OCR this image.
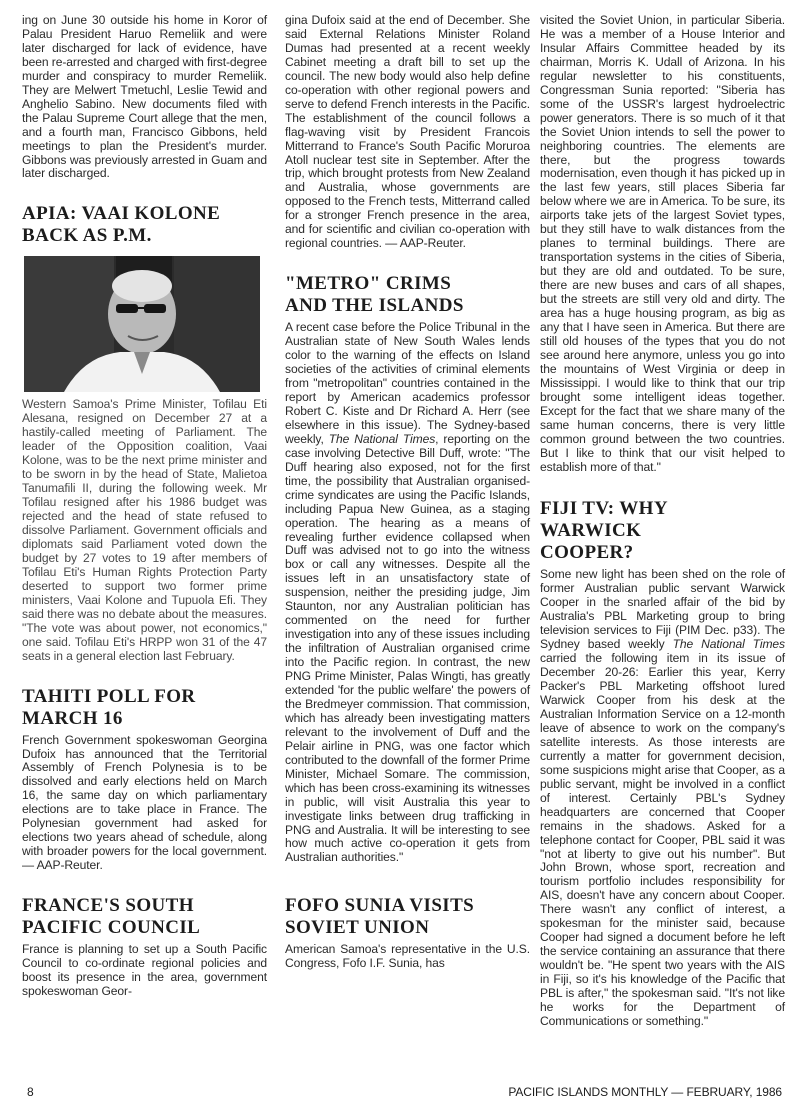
ing on June 30 outside his home in Koror of Palau President Haruo Remeliik and were later discharged for lack of evidence, have been re-arrested and charged with first-degree murder and conspiracy to murder Remeliik. They are Melwert Tmetuchl, Leslie Tewid and Anghelio Sabino. New documents filed with the Palau Supreme Court allege that the men, and a fourth man, Francisco Gibbons, held meetings to plan the President's murder. Gibbons was previously arrested in Guam and later discharged.

APIA: VAAI KOLONE BACK AS P.M.

Western Samoa's Prime Minister, Tofilau Eti Alesana, resigned on December 27 at a hastily-called meeting of Parliament. The leader of the Opposition coalition, Vaai Kolone, was to be the next prime minister and to be sworn in by the head of State, Malietoa Tanumafili II, during the following week. Mr Tofilau resigned after his 1986 budget was rejected and the head of state refused to dissolve Parliament. Government officials and diplomats said Parliament voted down the budget by 27 votes to 19 after members of Tofilau Eti's Human Rights Protection Party deserted to support two former prime ministers, Vaai Kolone and Tupuola Efi. They said there was no debate about the measures. "The vote was about power, not economics," one said. Tofilau Eti's HRPP won 31 of the 47 seats in a general election last February.

TAHITI POLL FOR MARCH 16

French Government spokeswoman Georgina Dufoix has announced that the Territorial Assembly of French Polynesia is to be dissolved and early elections held on March 16, the same day on which parliamentary elections are to take place in France. The Polynesian government had asked for elections two years ahead of schedule, along with broader powers for the local government. — AAP-Reuter.

FRANCE'S SOUTH PACIFIC COUNCIL

France is planning to set up a South Pacific Council to co-ordinate regional policies and boost its presence in the area, government spokeswoman Geor-

gina Dufoix said at the end of December. She said External Relations Minister Roland Dumas had presented at a recent weekly Cabinet meeting a draft bill to set up the council. The new body would also help define co-operation with other regional powers and serve to defend French interests in the Pacific. The establishment of the council follows a flag-waving visit by President Francois Mitterrand to France's South Pacific Moruroa Atoll nuclear test site in September. After the trip, which brought protests from New Zealand and Australia, whose governments are opposed to the French tests, Mitterrand called for a stronger French presence in the area, and for scientific and civilian co-operation with regional countries. — AAP-Reuter.

"METRO" CRIMS AND THE ISLANDS

A recent case before the Police Tribunal in the Australian state of New South Wales lends color to the warning of the effects on Island societies of the activities of criminal elements from "metropolitan" countries contained in the report by American academics professor Robert C. Kiste and Dr Richard A. Herr (see elsewhere in this issue). The Sydney-based weekly, The National Times, reporting on the case involving Detective Bill Duff, wrote: "The Duff hearing also exposed, not for the first time, the possibility that Australian organised-crime syndicates are using the Pacific Islands, including Papua New Guinea, as a staging operation. The hearing as a means of revealing further evidence collapsed when Duff was advised not to go into the witness box or call any witnesses. Despite all the issues left in an unsatisfactory state of suspension, neither the presiding judge, Jim Staunton, nor any Australian politician has commented on the need for further investigation into any of these issues including the infiltration of Australian organised crime into the Pacific region. In contrast, the new PNG Prime Minister, Palas Wingti, has greatly extended 'for the public welfare' the powers of the Bredmeyer commission. That commission, which has already been investigating matters relevant to the involvement of Duff and the Pelair airline in PNG, was one factor which contributed to the downfall of the former Prime Minister, Michael Somare. The commission, which has been cross-examining its witnesses in public, will visit Australia this year to investigate links between drug trafficking in PNG and Australia. It will be interesting to see how much active co-operation it gets from Australian authorities."

FOFO SUNIA VISITS SOVIET UNION

American Samoa's representative in the U.S. Congress, Fofo I.F. Sunia, has

visited the Soviet Union, in particular Siberia. He was a member of a House Interior and Insular Affairs Committee headed by its chairman, Morris K. Udall of Arizona. In his regular newsletter to his constituents, Congressman Sunia reported: "Siberia has some of the USSR's largest hydroelectric power generators. There is so much of it that the Soviet Union intends to sell the power to neighboring countries. The elements are there, but the progress towards modernisation, even though it has picked up in the last few years, still places Siberia far below where we are in America. To be sure, its airports take jets of the largest Soviet types, but they still have to walk distances from the planes to terminal buildings. There are transportation systems in the cities of Siberia, but they are old and outdated. To be sure, there are new buses and cars of all shapes, but the streets are still very old and dirty. The area has a huge housing program, as big as any that I have seen in America. But there are still old houses of the types that you do not see around here anymore, unless you go into the mountains of West Virginia or deep in Mississippi. I would like to think that our trip brought some intelligent ideas together. Except for the fact that we share many of the same human concerns, there is very little common ground between the two countries. But I like to think that our visit helped to establish more of that."

FIJI TV: WHY WARWICK COOPER?

Some new light has been shed on the role of former Australian public servant Warwick Cooper in the snarled affair of the bid by Australia's PBL Marketing group to bring television services to Fiji (PIM Dec. p33). The Sydney based weekly The National Times carried the following item in its issue of December 20-26: Earlier this year, Kerry Packer's PBL Marketing offshoot lured Warwick Cooper from his desk at the Australian Information Service on a 12-month leave of absence to work on the company's satellite interests. As those interests are currently a matter for government decision, some suspicions might arise that Cooper, as a public servant, might be involved in a conflict of interest. Certainly PBL's Sydney headquarters are concerned that Cooper remains in the shadows. Asked for a telephone contact for Cooper, PBL said it was "not at liberty to give out his number". But John Brown, whose sport, recreation and tourism portfolio includes responsibility for AIS, doesn't have any concern about Cooper. There wasn't any conflict of interest, a spokesman for the minister said, because Cooper had signed a document before he left the service containing an assurance that there wouldn't be. "He spent two years with the AIS in Fiji, so it's his knowledge of the Pacific that PBL is after," the spokesman said. "It's not like he works for the Department of Communications or something."

8	PACIFIC ISLANDS MONTHLY — FEBRUARY, 1986
